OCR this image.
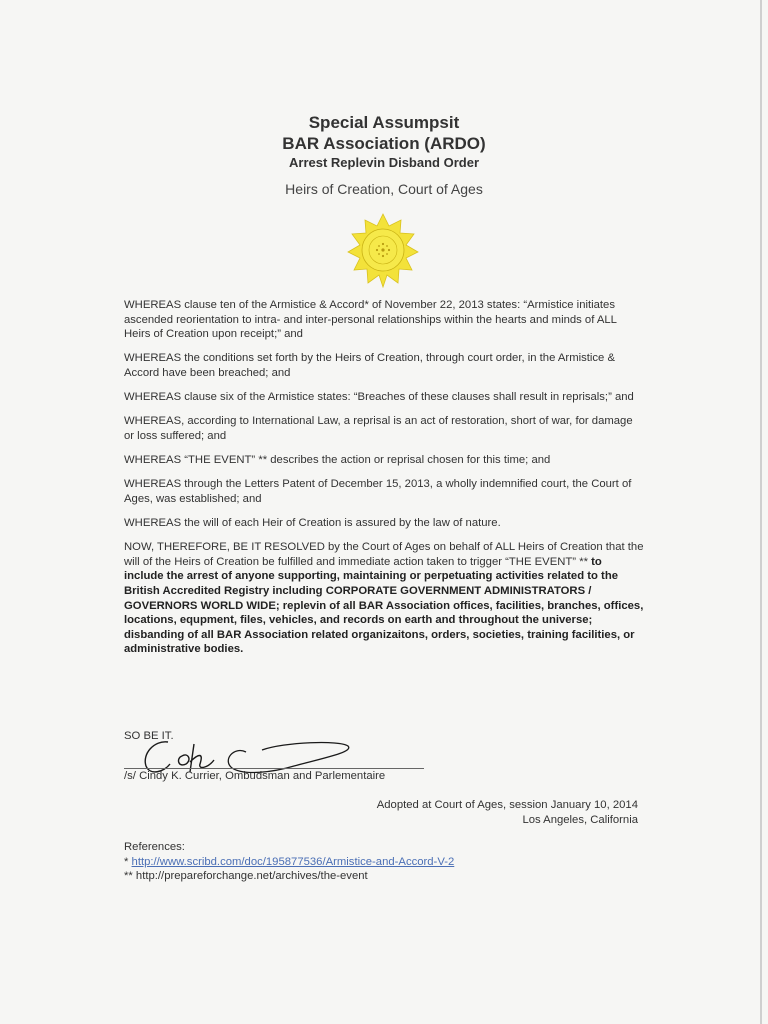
Special Assumpsit
BAR Association (ARDO)
Arrest Replevin Disband Order
Heirs of Creation, Court of Ages

WHEREAS clause ten of the Armistice & Accord* of November 22, 2013 states: “Armistice initiates ascended reorientation to intra- and inter-personal relationships within the hearts and minds of ALL Heirs of Creation upon receipt;” and

WHEREAS the conditions set forth by the Heirs of Creation, through court order, in the Armistice & Accord have been breached; and

WHEREAS clause six of the Armistice states: “Breaches of these clauses shall result in reprisals;” and

WHEREAS, according to International Law, a reprisal is an act of restoration, short of war, for damage or loss suffered; and

WHEREAS “THE EVENT” ** describes the action or reprisal chosen for this time; and

WHEREAS through the Letters Patent of December 15, 2013, a wholly indemnified court, the Court of Ages, was established; and

WHEREAS the will of each Heir of Creation is assured by the law of nature.

NOW, THEREFORE, BE IT RESOLVED by the Court of Ages on behalf of ALL Heirs of Creation that the will of the Heirs of Creation be fulfilled and immediate action taken to trigger “THE EVENT” ** to include the arrest of anyone supporting, maintaining or perpetuating activities related to the British Accredited Registry including CORPORATE GOVERNMENT ADMINISTRATORS / GOVERNORS WORLD WIDE; replevin of all BAR Association offices, facilities, branches, offices, locations, equpment, files, vehicles, and records on earth and throughout the universe; disbanding of all BAR Association related organizaitons, orders, societies, training facilities, or administrative bodies.

SO BE IT.
/s/ Cindy K. Currier, Ombudsman and Parlementaire
Adopted at Court of Ages, session January 10, 2014
Los Angeles, California
References:
* http://www.scribd.com/doc/195877536/Armistice-and-Accord-V-2
** http://prepareforchange.net/archives/the-event
